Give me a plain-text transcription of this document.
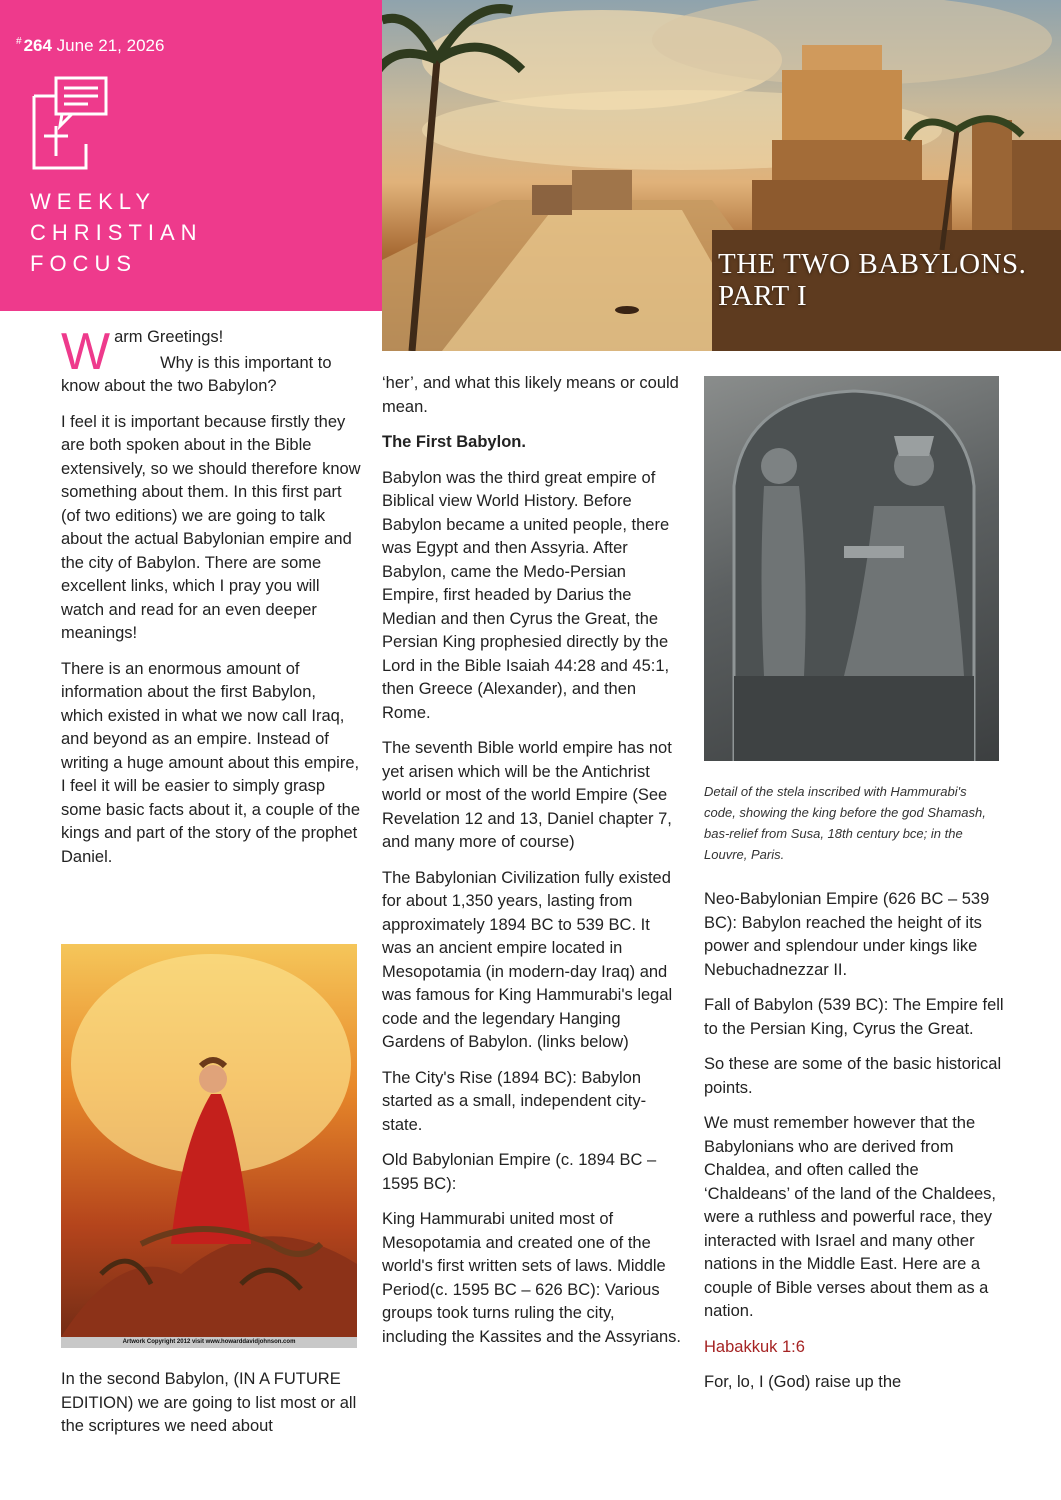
# 264 June 21, 2026
WEEKLY
CHRISTIAN
FOCUS	THE TWO BABYLONS.
PART I

W arm Greetings!
Why is this important to know about the two Babylon?

I feel it is important because firstly they are both spoken about in the Bible extensively, so we should therefore know something about them. In this first part (of two editions) we are going to talk about the actual Babylonian empire and the city of Babylon. There are some excellent links, which I pray you will watch and read for an even deeper meanings!

There is an enormous amount of information about the first Babylon, which existed in what we now call Iraq, and beyond as an empire. Instead of writing a huge amount about this empire, I feel it will be easier to simply grasp some basic facts about it, a couple of the kings and part of the story of the prophet Daniel.

Artwork Copyright 2012 visit www.howarddavidjohnson.com

In the second Babylon, (IN A FUTURE EDITION) we are going to list most or all the scriptures we need about

‘her’, and what this likely means or could mean.

The First Babylon.

Babylon was the third great empire of Biblical view World History. Before Babylon became a united people, there was Egypt and then Assyria. After Babylon, came the Medo-Persian Empire, first headed by Darius the Median and then Cyrus the Great, the Persian King prophesied directly by the Lord in the Bible Isaiah 44:28 and 45:1, then Greece (Alexander), and then Rome.

The seventh Bible world empire has not yet arisen which will be the Antichrist world or most of the world Empire (See Revelation 12 and 13, Daniel chapter 7, and many more of course)

The Babylonian Civilization fully existed for about 1,350 years, lasting from approximately 1894 BC to 539 BC. It was an ancient empire located in Mesopotamia (in modern-day Iraq) and was famous for King Hammurabi's legal code and the legendary Hanging Gardens of Babylon. (links below)

The City's Rise (1894 BC): Babylon started as a small, independent city-state.

Old Babylonian Empire (c. 1894 BC – 1595 BC):

King Hammurabi united most of Mesopotamia and created one of the world's first written sets of laws. Middle Period(c. 1595 BC – 626 BC): Various groups took turns ruling the city, including the Kassites and the Assyrians.

Detail of the stela inscribed with Hammurabi's code, showing the king before the god Shamash, bas-relief from Susa, 18th century bce; in the Louvre, Paris.

Neo-Babylonian Empire (626 BC – 539 BC): Babylon reached the height of its power and splendour under kings like Nebuchadnezzar II.

Fall of Babylon (539 BC): The Empire fell to the Persian King, Cyrus the Great.

So these are some of the basic historical points.

We must remember however that the Babylonians who are derived from Chaldea, and often called the ‘Chaldeans’ of the land of the Chaldees, were a ruthless and powerful race, they interacted with Israel and many other nations in the Middle East. Here are a couple of Bible verses about them as a nation.

Habakkuk 1:6

For, lo, I (God) raise up the
